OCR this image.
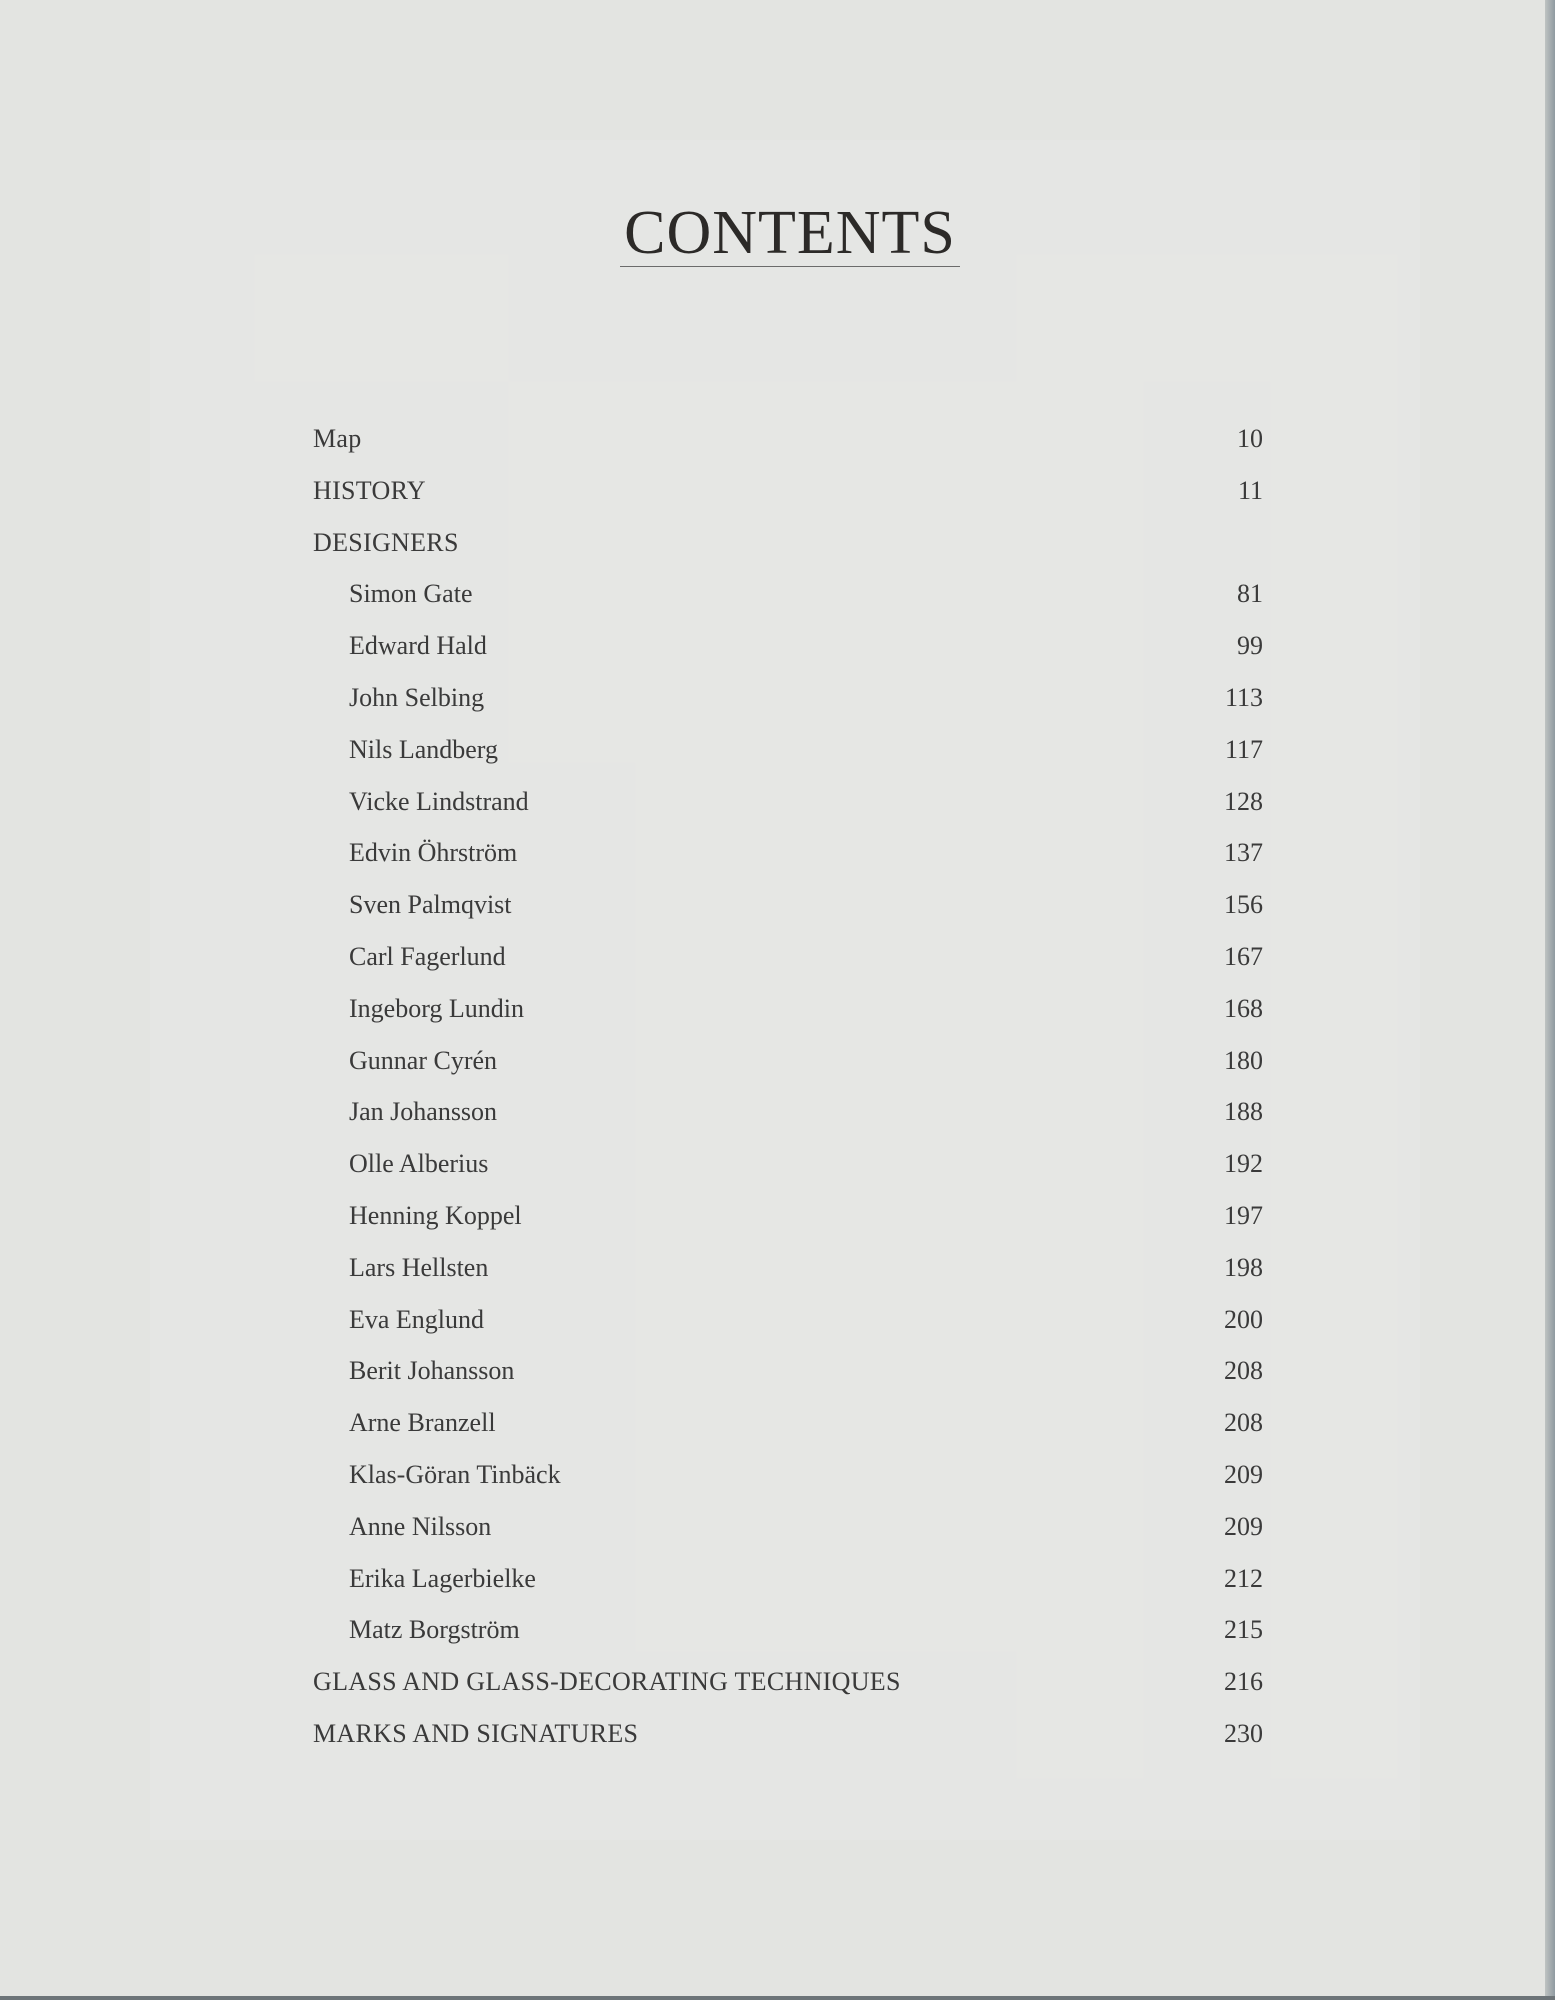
CONTENTS
Map	10
HISTORY	11
DESIGNERS
Simon Gate	81
Edward Hald	99
John Selbing	113
Nils Landberg	117
Vicke Lindstrand	128
Edvin Öhrström	137
Sven Palmqvist	156
Carl Fagerlund	167
Ingeborg Lundin	168
Gunnar Cyrén	180
Jan Johansson	188
Olle Alberius	192
Henning Koppel	197
Lars Hellsten	198
Eva Englund	200
Berit Johansson	208
Arne Branzell	208
Klas-Göran Tinbäck	209
Anne Nilsson	209
Erika Lagerbielke	212
Matz Borgström	215
GLASS AND GLASS-DECORATING TECHNIQUES	216
MARKS AND SIGNATURES	230
